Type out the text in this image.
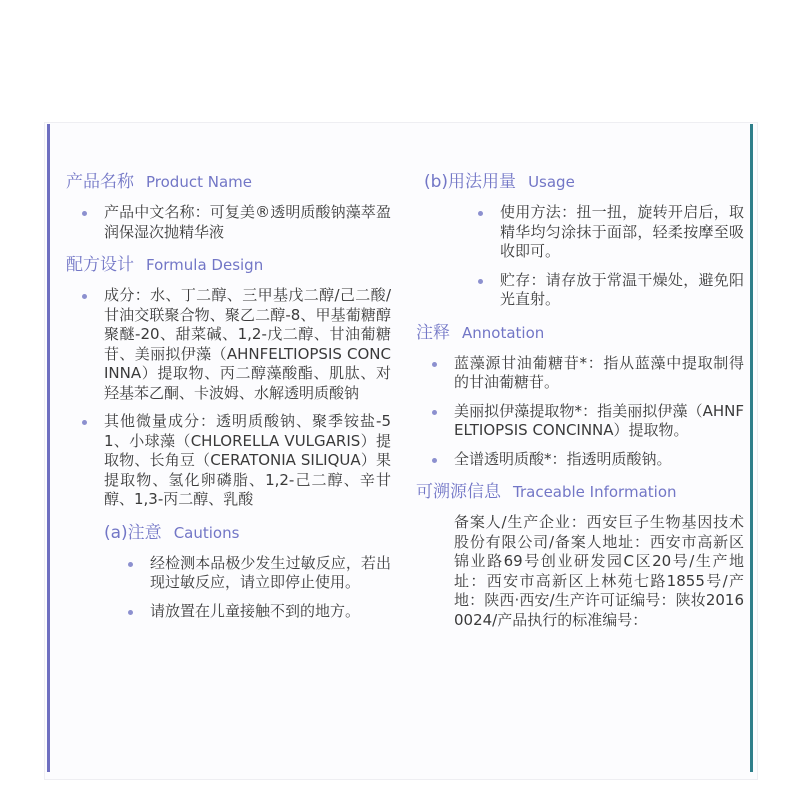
产品名称 Product Name
产品中文名称：可复美®透明质酸钠藻萃盈润保湿次抛精华液
配方设计 Formula Design
成分：水、丁二醇、三甲基戊二醇/己二酸/甘油交联聚合物、聚乙二醇-8、甲基葡糖醇聚醚-20、甜菜碱、1,2-戊二醇、甘油葡糖苷、美丽拟伊藻（AHNFELTIOPSIS CONCINNA）提取物、丙二醇藻酸酯、肌肽、对羟基苯乙酮、卡波姆、水解透明质酸钠
其他微量成分：透明质酸钠、聚季铵盐-51、小球藻（CHLORELLA VULGARIS）提取物、长角豆（CERATONIA SILIQUA）果提取物、氢化卵磷脂、1,2-己二醇、辛甘醇、1,3-丙二醇、乳酸
(a)注意 Cautions
经检测本品极少发生过敏反应，若出现过敏反应，请立即停止使用。
请放置在儿童接触不到的地方。
(b)用法用量 Usage
使用方法：扭一扭，旋转开启后，取精华均匀涂抹于面部，轻柔按摩至吸收即可。
贮存：请存放于常温干燥处，避免阳光直射。
注释 Annotation
蓝藻源甘油葡糖苷*：指从蓝藻中提取制得的甘油葡糖苷。
美丽拟伊藻提取物*：指美丽拟伊藻（AHNFELTIOPSIS CONCINNA）提取物。
全谱透明质酸*：指透明质酸钠。
可溯源信息 Traceable Information
备案人/生产企业：西安巨子生物基因技术股份有限公司/备案人地址：西安市高新区锦业路69号创业研发园C区20号/生产地址：西安市高新区上林苑七路1855号/产地：陕西·西安/生产许可证编号：陕妆20160024/产品执行的标准编号：
